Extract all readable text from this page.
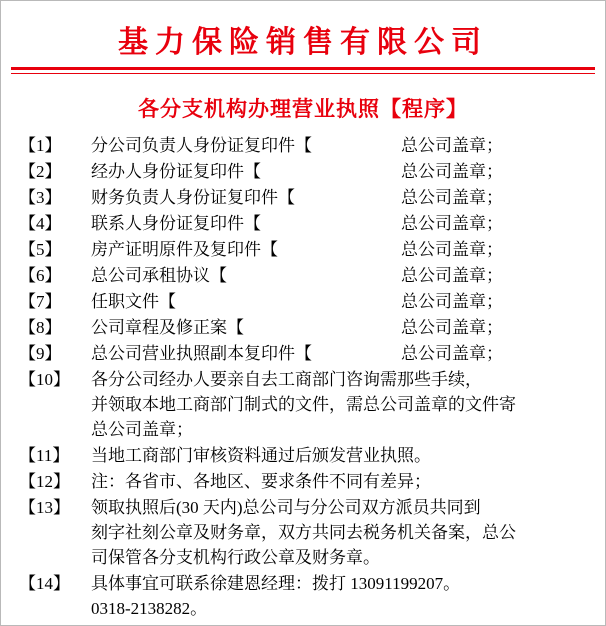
基力保险销售有限公司
各分支机构办理营业执照【程序】
【1】	分公司负责人身份证复印件【	总公司盖章；
【2】	经办人身份证复印件【	总公司盖章；
【3】	财务负责人身份证复印件【	总公司盖章；
【4】	联系人身份证复印件【	总公司盖章；
【5】	房产证明原件及复印件【	总公司盖章；
【6】	总公司承租协议【	总公司盖章；
【7】	任职文件【	总公司盖章；
【8】	公司章程及修正案【	总公司盖章；
【9】	总公司营业执照副本复印件【	总公司盖章；
【10】 各分公司经办人要亲自去工商部门咨询需那些手续，
并领取本地工商部门制式的文件，需总公司盖章的文件寄
总公司盖章；
【11】	当地工商部门审核资料通过后颁发营业执照。
【12】 注：各省市、各地区、要求条件不同有差异；
【13】 领取执照后(30 天内)总公司与分公司双方派员共同到
刻字社刻公章及财务章，双方共同去税务机关备案，总公
司保管各分支机构行政公章及财务章。
【14】 具体事宜可联系徐建恩经理：拨打 13091199207。
0318-2138282。
